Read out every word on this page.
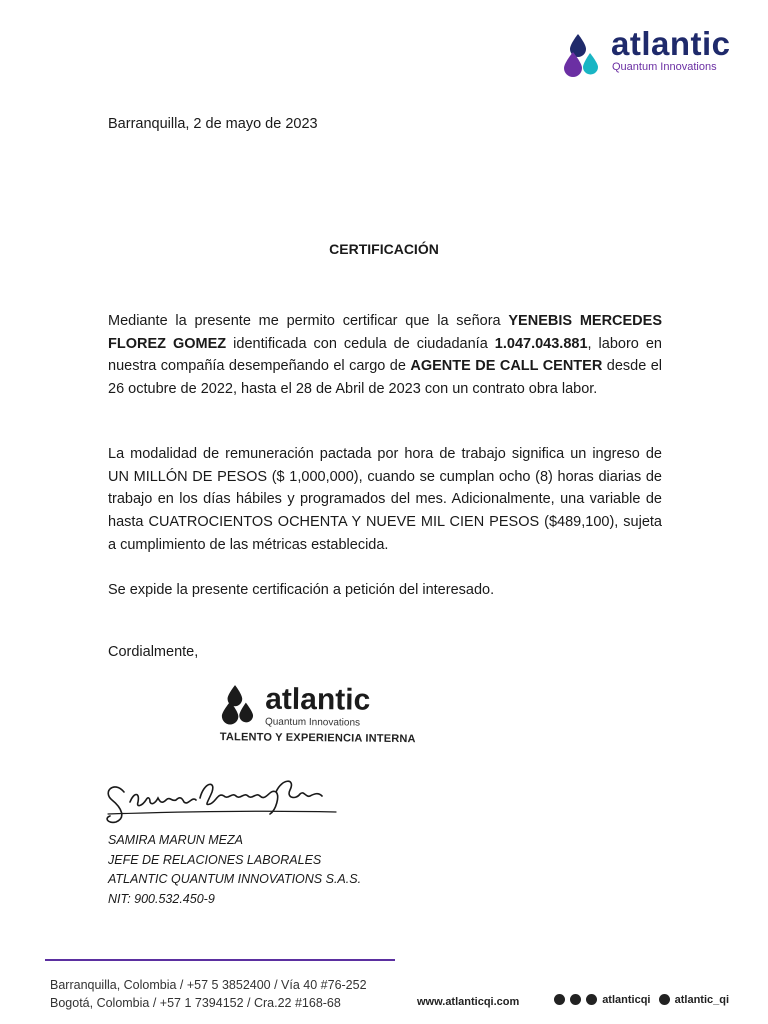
atlantic
Quantum Innovations
Barranquilla, 2 de mayo de 2023
CERTIFICACIÓN
Mediante la presente me permito certificar que la señora YENEBIS MERCEDES FLOREZ GOMEZ identificada con cedula de ciudadanía 1.047.043.881, laboro en nuestra compañía desempeñando el cargo de AGENTE DE CALL CENTER desde el 26 octubre de 2022, hasta el 28 de Abril de 2023 con un contrato obra labor.
La modalidad de remuneración pactada por hora de trabajo significa un ingreso de UN MILLÓN DE PESOS ($ 1,000,000), cuando se cumplan ocho (8) horas diarias de trabajo en los días hábiles y programados del mes. Adicionalmente, una variable de hasta CUATROCIENTOS OCHENTA Y NUEVE MIL CIEN PESOS ($489,100), sujeta a cumplimiento de las métricas establecida.
Se expide la presente certificación a petición del interesado.
Cordialmente,
atlantic
Quantum Innovations
TALENTO Y EXPERIENCIA INTERNA
SAMIRA MARUN MEZA
JEFE DE RELACIONES LABORALES
ATLANTIC QUANTUM INNOVATIONS S.A.S.
NIT: 900.532.450-9
Barranquilla, Colombia / +57 5 3852400 / Vía 40 #76-252
Bogotá, Colombia / +57 1 7394152 / Cra.22 #168-68	www.atlanticqi.com	atlanticqi atlantic_qi
